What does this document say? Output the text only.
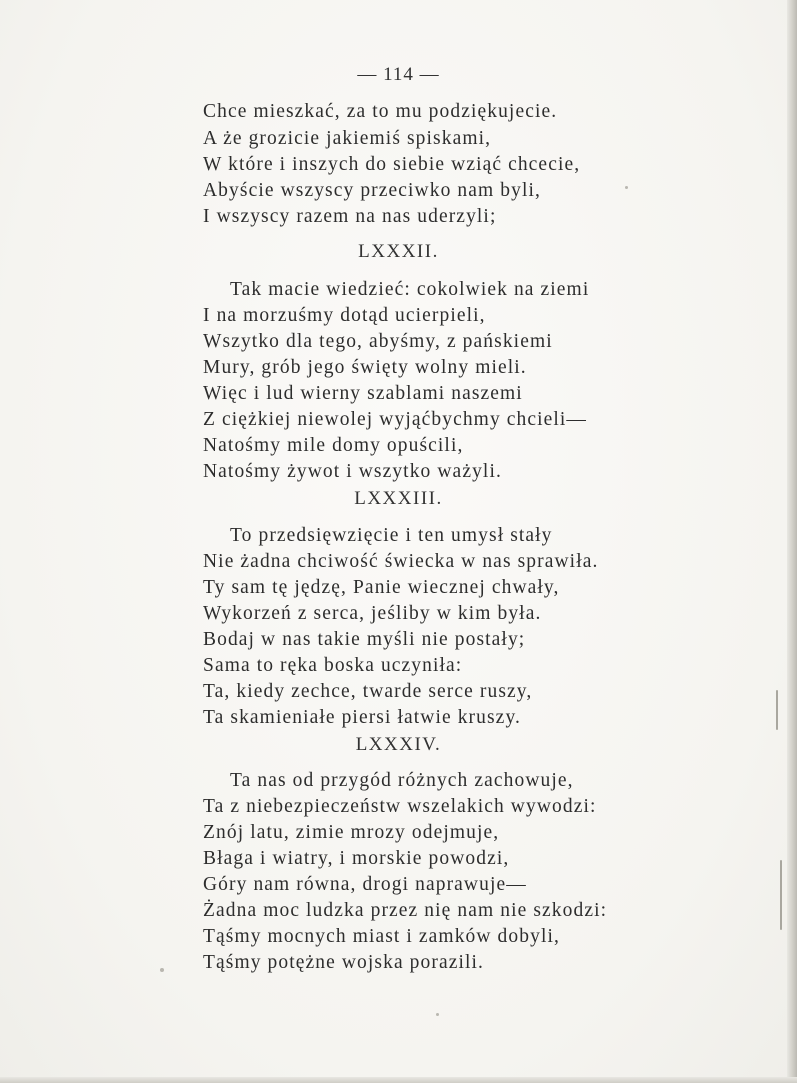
— 114 —
Chce mieszkać, za to mu podziękujecie.
A że grozicie jakiemiś spiskami,
W które i inszych do siebie wziąć chcecie,
Abyście wszyscy przeciwko nam byli,
I wszyscy razem na nas uderzyli;
LXXXII.
Tak macie wiedzieć: cokolwiek na ziemi
I na morzuśmy dotąd ucierpieli,
Wszytko dla tego, abyśmy, z pańskiemi
Mury, grób jego święty wolny mieli.
Więc i lud wierny szablami naszemi
Z ciężkiej niewolej wyjąćbychmy chcieli—
Natośmy mile domy opuścili,
Natośmy żywot i wszytko ważyli.
LXXXIII.
To przedsięwzięcie i ten umysł stały
Nie żadna chciwość świecka w nas sprawiła.
Ty sam tę jędzę, Panie wiecznej chwały,
Wykorzeń z serca, jeśliby w kim była.
Bodaj w nas takie myśli nie postały;
Sama to ręka boska uczyniła:
Ta, kiedy zechce, twarde serce ruszy,
Ta skamieniałe piersi łatwie kruszy.
LXXXIV.
Ta nas od przygód różnych zachowuje,
Ta z niebezpieczeństw wszelakich wywodzi:
Znój latu, zimie mrozy odejmuje,
Błaga i wiatry, i morskie powodzi,
Góry nam równa, drogi naprawuje—
Żadna moc ludzka przez nię nam nie szkodzi:
Tąśmy mocnych miast i zamków dobyli,
Tąśmy potężne wojska porazili.
